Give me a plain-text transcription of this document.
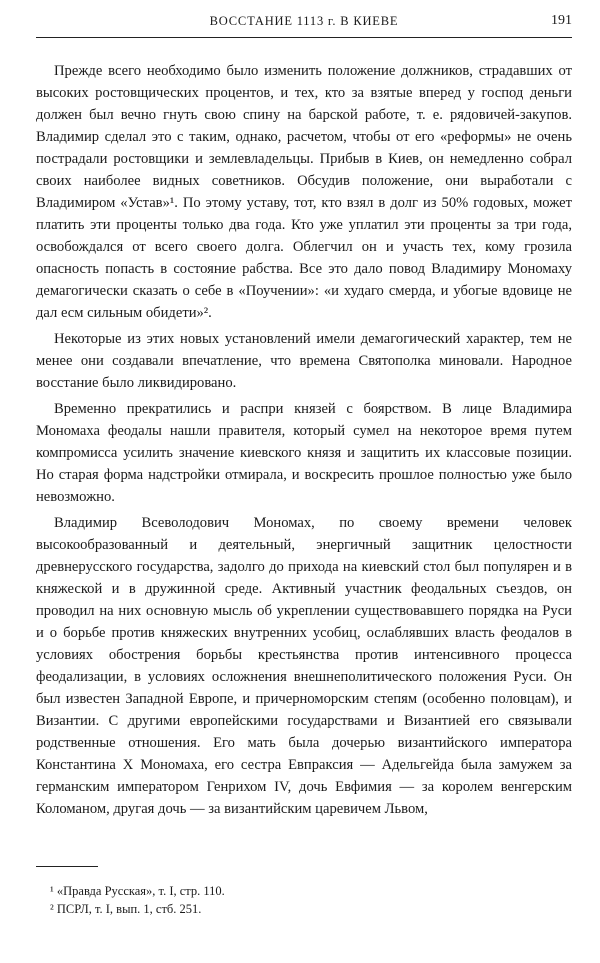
ВОССТАНИЕ 1113 г. В КИЕВЕ	191

Прежде всего необходимо было изменить положение должников, страдавших от высоких ростовщических процентов, и тех, кто за взятые вперед у господ деньги должен был вечно гнуть свою спину на барской работе, т. е. рядовичей-закупов. Владимир сделал это с таким, однако, расчетом, чтобы от его «реформы» не очень пострадали ростовщики и землевладельцы. Прибыв в Киев, он немедленно собрал своих наиболее видных советников. Обсудив положение, они выработали с Владимиром «Устав»¹. По этому уставу, тот, кто взял в долг из 50% годовых, может платить эти проценты только два года. Кто уже уплатил эти проценты за три года, освобождался от всего своего долга. Облегчил он и участь тех, кому грозила опасность попасть в состояние рабства. Все это дало повод Владимиру Мономаху демагогически сказать о себе в «Поучении»: «и худаго смерда, и убогые вдовице не дал есм сильным обидети»².

Некоторые из этих новых установлений имели демагогический характер, тем не менее они создавали впечатление, что времена Святополка миновали. Народное восстание было ликвидировано.

Временно прекратились и распри князей с боярством. В лице Владимира Мономаха феодалы нашли правителя, который сумел на некоторое время путем компромисса усилить значение киевского князя и защитить их классовые позиции. Но старая форма надстройки отмирала, и воскресить прошлое полностью уже было невозможно.

Владимир Всеволодович Мономах, по своему времени человек высокообразованный и деятельный, энергичный защитник целостности древнерусского государства, задолго до прихода на киевский стол был популярен и в княжеской и в дружинной среде. Активный участник феодальных съездов, он проводил на них основную мысль об укреплении существовавшего порядка на Руси и о борьбе против княжеских внутренних усобиц, ослаблявших власть феодалов в условиях обострения борьбы крестьянства против интенсивного процесса феодализации, в условиях осложнения внешнеполитического положения Руси. Он был известен Западной Европе, и причерноморским степям (особенно половцам), и Византии. С другими европейскими государствами и Византией его связывали родственные отношения. Его мать была дочерью византийского императора Константина X Мономаха, его сестра Евпраксия — Адельгейда была замужем за германским императором Генрихом IV, дочь Евфимия — за королем венгерским Коломаном, другая дочь — за византийским царевичем Львом,

¹ «Правда Русская», т. I, стр. 110.

² ПСРЛ, т. I, вып. 1, стб. 251.
